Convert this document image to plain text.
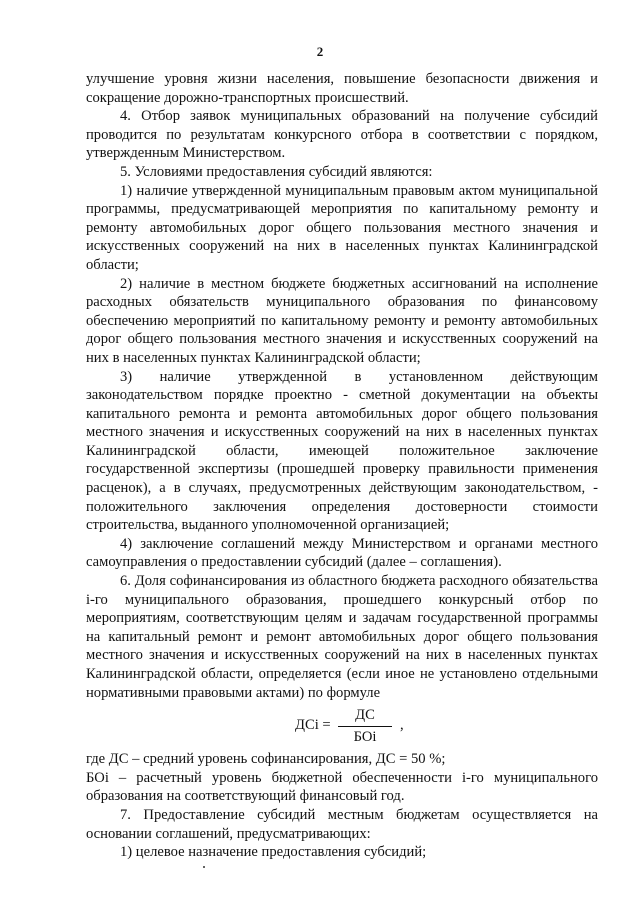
2

улучшение уровня жизни населения, повышение безопасности движения и сокращение дорожно-транспортных происшествий.

4. Отбор заявок муниципальных образований на получение субсидий проводится по результатам конкурсного отбора в соответствии с порядком, утвержденным Министерством.

5. Условиями предоставления субсидий являются:

1) наличие утвержденной муниципальным правовым актом муниципальной программы, предусматривающей мероприятия по капитальному ремонту и ремонту автомобильных дорог общего пользования местного значения и искусственных сооружений на них в населенных пунктах Калининградской области;

2) наличие в местном бюджете бюджетных ассигнований на исполнение расходных обязательств муниципального образования по финансовому обеспечению мероприятий по капитальному ремонту и ремонту автомобильных дорог общего пользования местного значения и искусственных сооружений на них в населенных пунктах Калининградской области;

3) наличие утвержденной в установленном действующим законодательством порядке проектно - сметной документации на объекты капитального ремонта и ремонта автомобильных дорог общего пользования местного значения и искусственных сооружений на них в населенных пунктах Калининградской области, имеющей положительное заключение государственной экспертизы (прошедшей проверку правильности применения расценок), а в случаях, предусмотренных действующим законодательством, - положительного заключения определения достоверности стоимости строительства, выданного уполномоченной организацией;

4) заключение соглашений между Министерством и органами местного самоуправления о предоставлении субсидий (далее – соглашения).

6. Доля софинансирования из областного бюджета расходного обязательства i-го муниципального образования, прошедшего конкурсный отбор по мероприятиям, соответствующим целям и задачам государственной программы на капитальный ремонт и ремонт автомобильных дорог общего пользования местного значения и искусственных сооружений на них в населенных пунктах Калининградской области, определяется (если иное не установлено отдельными нормативными правовыми актами) по формуле

ДСi =
ДС
БОi
,

где ДС – средний уровень софинансирования, ДС = 50 %;

БОi – расчетный уровень бюджетной обеспеченности i-го муниципального образования на соответствующий финансовый год.

7. Предоставление субсидий местным бюджетам осуществляется на основании соглашений, предусматривающих:

1) целевое назначение предоставления субсидий;
